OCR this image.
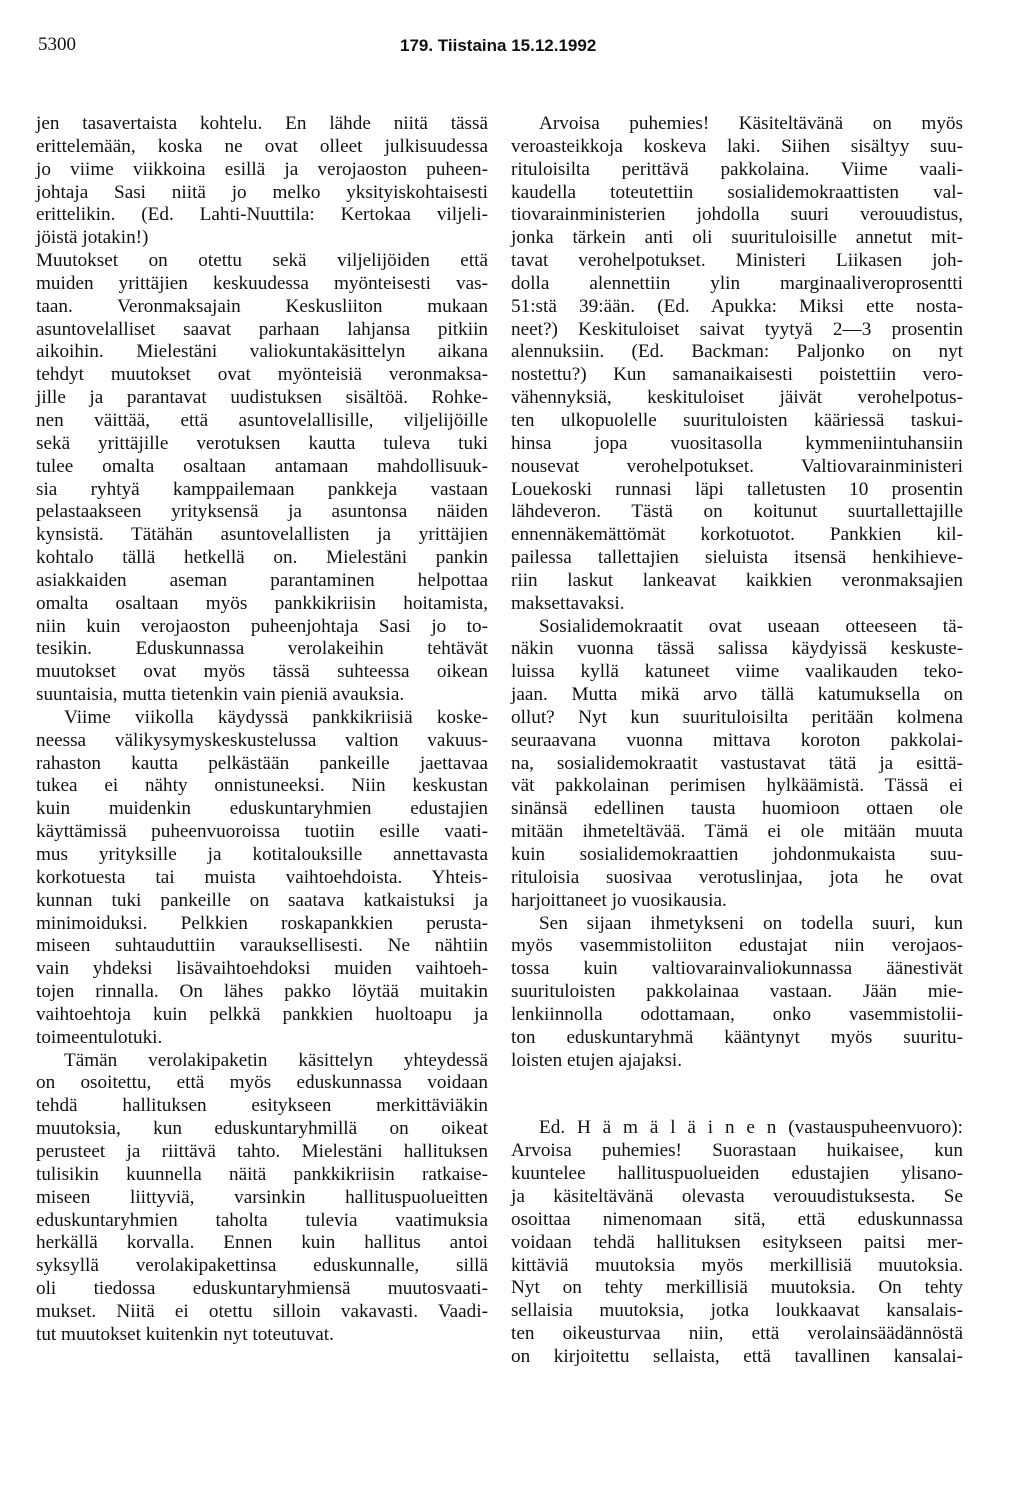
5300	179. Tiistaina 15.12.1992

jen tasavertaista kohtelu. En lähde niitä tässä

erittelemään, koska ne ovat olleet julkisuudessa

jo viime viikkoina esillä ja verojaoston puheen-

johtaja Sasi niitä jo melko yksityiskohtaisesti

erittelikin. (Ed. Lahti-Nuuttila: Kertokaa viljeli-

jöistä jotakin!)

Muutokset on otettu sekä viljelijöiden että

muiden yrittäjien keskuudessa myönteisesti vas-

taan. Veronmaksajain Keskusliiton mukaan

asuntovelalliset saavat parhaan lahjansa pitkiin

aikoihin. Mielestäni valiokuntakäsittelyn aikana

tehdyt muutokset ovat myönteisiä veronmaksa-

jille ja parantavat uudistuksen sisältöä. Rohke-

nen väittää, että asuntovelallisille, viljelijöille

sekä yrittäjille verotuksen kautta tuleva tuki

tulee omalta osaltaan antamaan mahdollisuuk-

sia ryhtyä kamppailemaan pankkeja vastaan

pelastaakseen yrityksensä ja asuntonsa näiden

kynsistä. Tätähän asuntovelallisten ja yrittäjien

kohtalo tällä hetkellä on. Mielestäni pankin

asiakkaiden aseman parantaminen helpottaa

omalta osaltaan myös pankkikriisin hoitamista,

niin kuin verojaoston puheenjohtaja Sasi jo to-

tesikin. Eduskunnassa verolakeihin tehtävät

muutokset ovat myös tässä suhteessa oikean

suuntaisia, mutta tietenkin vain pieniä avauksia.

Viime viikolla käydyssä pankkikriisiä koske-

neessa välikysymyskeskustelussa valtion vakuus-

rahaston kautta pelkästään pankeille jaettavaa

tukea ei nähty onnistuneeksi. Niin keskustan

kuin muidenkin eduskuntaryhmien edustajien

käyttämissä puheenvuoroissa tuotiin esille vaati-

mus yrityksille ja kotitalouksille annettavasta

korkotuesta tai muista vaihtoehdoista. Yhteis-

kunnan tuki pankeille on saatava katkaistuksi ja

minimoiduksi. Pelkkien roskapankkien perusta-

miseen suhtauduttiin varauksellisesti. Ne nähtiin

vain yhdeksi lisävaihtoehdoksi muiden vaihtoeh-

tojen rinnalla. On lähes pakko löytää muitakin

vaihtoehtoja kuin pelkkä pankkien huoltoapu ja

toimeentulotuki.

Tämän verolakipaketin käsittelyn yhteydessä

on osoitettu, että myös eduskunnassa voidaan

tehdä hallituksen esitykseen merkittäviäkin

muutoksia, kun eduskuntaryhmillä on oikeat

perusteet ja riittävä tahto. Mielestäni hallituksen

tulisikin kuunnella näitä pankkikriisin ratkaise-

miseen liittyviä, varsinkin hallituspuolueitten

eduskuntaryhmien taholta tulevia vaatimuksia

herkällä korvalla. Ennen kuin hallitus antoi

syksyllä verolakipakettinsa eduskunnalle, sillä

oli tiedossa eduskuntaryhmiensä muutosvaati-

mukset. Niitä ei otettu silloin vakavasti. Vaadi-

tut muutokset kuitenkin nyt toteutuvat.

Arvoisa puhemies! Käsiteltävänä on myös

veroasteikkoja koskeva laki. Siihen sisältyy suu-

rituloisilta perittävä pakkolaina. Viime vaali-

kaudella toteutettiin sosialidemokraattisten val-

tiovarainministerien johdolla suuri verouudistus,

jonka tärkein anti oli suurituloisille annetut mit-

tavat verohelpotukset. Ministeri Liikasen joh-

dolla alennettiin ylin marginaaliveroprosentti

51:stä 39:ään. (Ed. Apukka: Miksi ette nosta-

neet?) Keskituloiset saivat tyytyä 2—3 prosentin

alennuksiin. (Ed. Backman: Paljonko on nyt

nostettu?) Kun samanaikaisesti poistettiin vero-

vähennyksiä, keskituloiset jäivät verohelpotus-

ten ulkopuolelle suurituloisten kääriessä taskui-

hinsa jopa vuositasolla kymmeniintuhansiin

nousevat verohelpotukset. Valtiovarainministeri

Louekoski runnasi läpi talletusten 10 prosentin

lähdeveron. Tästä on koitunut suurtallettajille

ennennäkemättömät korkotuotot. Pankkien kil-

pailessa tallettajien sieluista itsensä henkihieve-

riin laskut lankeavat kaikkien veronmaksajien

maksettavaksi.

Sosialidemokraatit ovat useaan otteeseen tä-

näkin vuonna tässä salissa käydyissä keskuste-

luissa kyllä katuneet viime vaalikauden teko-

jaan. Mutta mikä arvo tällä katumuksella on

ollut? Nyt kun suurituloisilta peritään kolmena

seuraavana vuonna mittava koroton pakkolai-

na, sosialidemokraatit vastustavat tätä ja esittä-

vät pakkolainan perimisen hylkäämistä. Tässä ei

sinänsä edellinen tausta huomioon ottaen ole

mitään ihmeteltävää. Tämä ei ole mitään muuta

kuin sosialidemokraattien johdonmukaista suu-

rituloisia suosivaa verotuslinjaa, jota he ovat

harjoittaneet jo vuosikausia.

Sen sijaan ihmetykseni on todella suuri, kun

myös vasemmistoliiton edustajat niin verojaos-

tossa kuin valtiovarainvaliokunnassa äänestivät

suurituloisten pakkolainaa vastaan. Jään mie-

lenkiinnolla odottamaan, onko vasemmistolii-

ton eduskuntaryhmä kääntynyt myös suuritu-

loisten etujen ajajaksi.

Ed. H ä m ä l ä i n e n (vastauspuheenvuoro):

Arvoisa puhemies! Suorastaan huikaisee, kun

kuuntelee hallituspuolueiden edustajien ylisano-

ja käsiteltävänä olevasta verouudistuksesta. Se

osoittaa nimenomaan sitä, että eduskunnassa

voidaan tehdä hallituksen esitykseen paitsi mer-

kittäviä muutoksia myös merkillisiä muutoksia.

Nyt on tehty merkillisiä muutoksia. On tehty

sellaisia muutoksia, jotka loukkaavat kansalais-

ten oikeusturvaa niin, että verolainsäädännöstä

on kirjoitettu sellaista, että tavallinen kansalai-
